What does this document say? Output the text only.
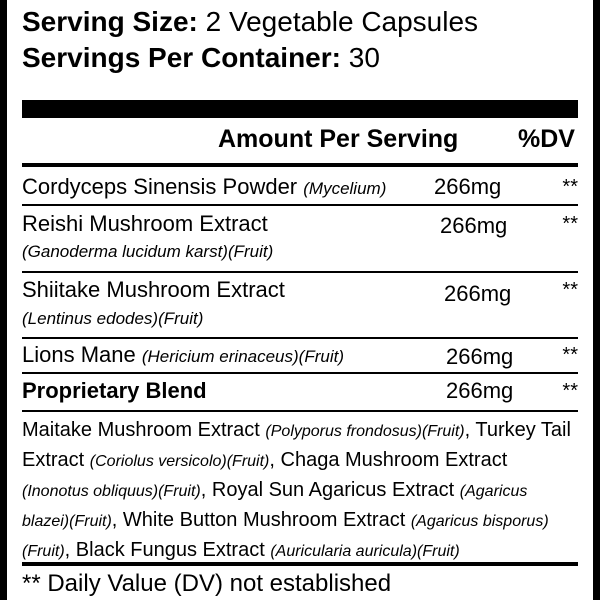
Serving Size: 2 Vegetable Capsules
Servings Per Container: 30
Amount Per Serving %DV
Cordyceps Sinensis Powder (Mycelium) 266mg	**
Reishi Mushroom Extract
(Ganoderma lucidum karst)(Fruit)
266mg	**
Shiitake Mushroom Extract
(Lentinus edodes)(Fruit)
266mg	**
Lions Mane (Hericium erinaceus)(Fruit)	266mg **
Proprietary Blend	266mg **
Maitake Mushroom Extract (Polyporus frondosus)(Fruit), Turkey Tail Extract (Coriolus versicolo)(Fruit), Chaga Mushroom Extract (Inonotus obliquus)(Fruit), Royal Sun Agaricus Extract (Agaricus blazei)(Fruit), White Button Mushroom Extract (Agaricus bisporus)(Fruit), Black Fungus Extract (Auricularia auricula)(Fruit)
** Daily Value (DV) not established
